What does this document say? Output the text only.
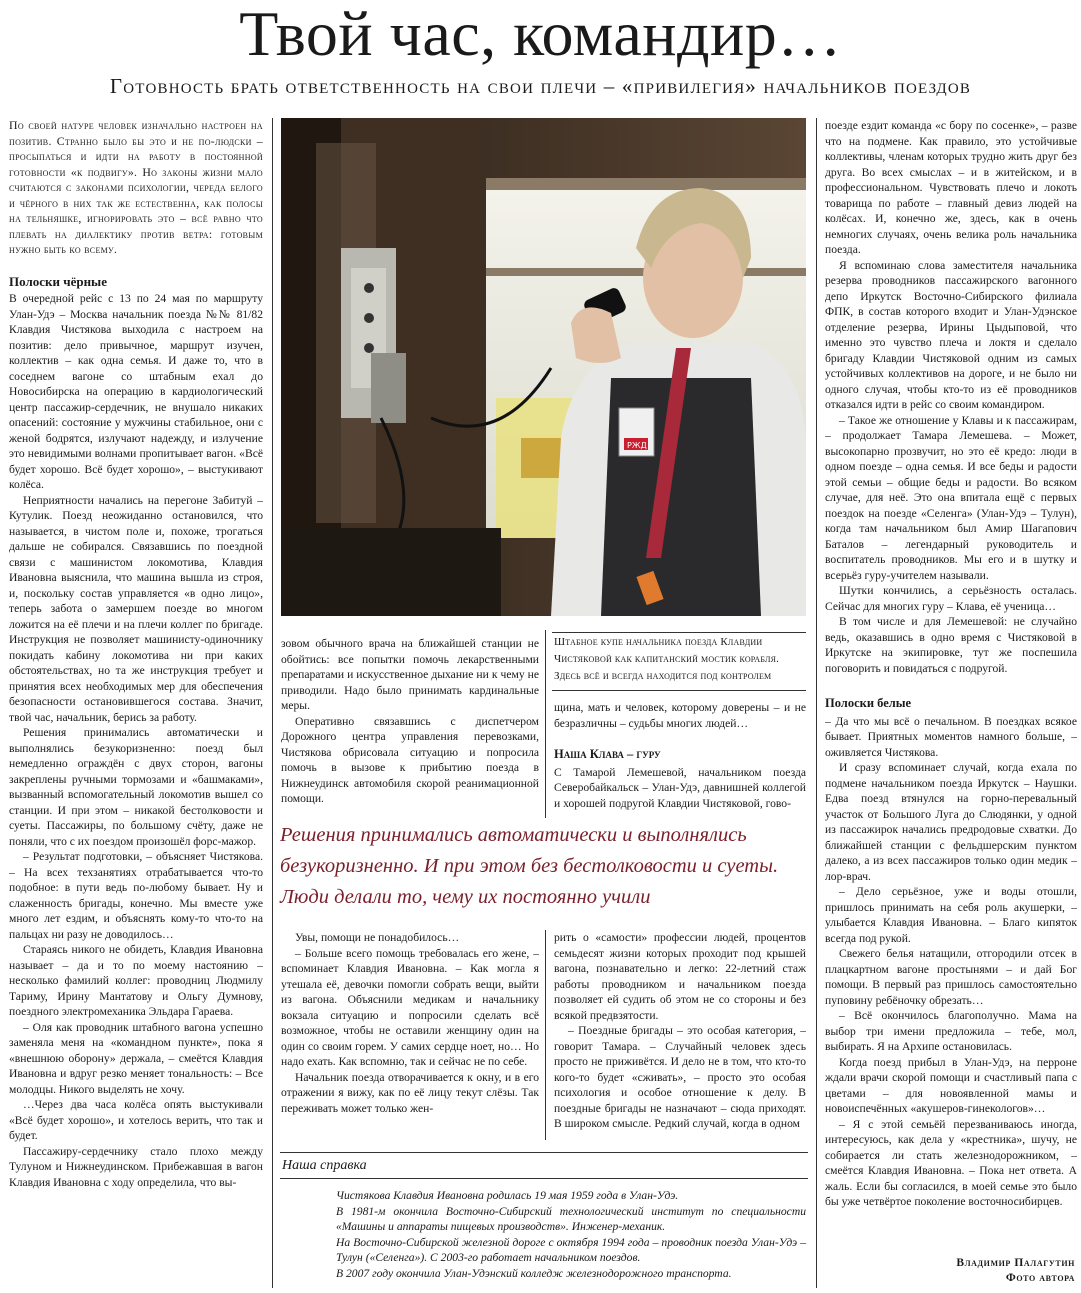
Твой час, командир…
Готовность брать ответственность на свои плечи – «привилегия» начальников поездов

По своей натуре человек изначально настроен на позитив. Странно было бы это и не по-людски – просыпаться и идти на работу в постоянной готовности «к подвигу». Но законы жизни мало считаются с законами психологии, череда белого и чёрного в них так же естественна, как полосы на тельняшке, игнорировать это – всё равно что плевать на диалектику против ветра: готовым нужно быть ко всему.

Полоски чёрные

В очередной рейс с 13 по 24 мая по маршруту Улан-Удэ – Москва начальник поезда №№ 81/82 Клавдия Чистякова выходила с настроем на позитив: дело привычное, маршрут изучен, коллектив – как одна семья. И даже то, что в соседнем вагоне со штабным ехал до Новосибирска на операцию в кардиологический центр пассажир-сердечник, не внушало никаких опасений: состояние у мужчины стабильное, они с женой бодрятся, излучают надежду, и излучение это невидимыми волнами пропитывает вагон. «Всё будет хорошо. Всё будет хорошо», – выстукивают колёса.

Неприятности начались на перегоне Забитуй – Кутулик. Поезд неожиданно остановился, что называется, в чистом поле и, похоже, трогаться дальше не собирался. Связавшись по поездной связи с машинистом локомотива, Клавдия Ивановна выяснила, что машина вышла из строя, и, поскольку состав управляется «в одно лицо», теперь забота о замершем поезде во многом ложится на её плечи и на плечи коллег по бригаде. Инструкция не позволяет машинисту-одиночнику покидать кабину локомотива ни при каких обстоятельствах, но та же инструкция требует и принятия всех необходимых мер для обеспечения безопасности остановившегося состава. Значит, твой час, начальник, берись за работу.

Решения принимались автоматически и выполнялись безукоризненно: поезд был немедленно ограждён с двух сторон, вагоны закреплены ручными тормозами и «башмаками», вызванный вспомогательный локомотив вышел со станции. И при этом – никакой бестолковости и суеты. Пассажиры, по большому счёту, даже не поняли, что с их поездом произошёл форс-мажор.

– Результат подготовки, – объясняет Чистякова. – На всех техзанятиях отрабатывается что-то подобное: в пути ведь по-любому бывает. Ну и слаженность бригады, конечно. Мы вместе уже много лет ездим, и объяснять кому-то что-то на пальцах ни разу не доводилось…

Стараясь никого не обидеть, Клавдия Ивановна называет – да и то по моему настоянию – несколько фамилий коллег: проводниц Людмилу Тариму, Ирину Мантатову и Ольгу Думнову, поездного электромеханика Эльдара Гараева.

– Оля как проводник штабного вагона успешно заменяла меня на «командном пункте», пока я «внешнюю оборону» держала, – смеётся Клавдия Ивановна и вдруг резко меняет тональность: – Все молодцы. Никого выделять не хочу.

…Через два часа колёса опять выстукивали «Всё будет хорошо», и хотелось верить, что так и будет.

Пассажиру-сердечнику стало плохо между Тулуном и Нижнеудинском. Прибежавшая в вагон Клавдия Ивановна с ходу определила, что вы-

РЖД

зовом обычного врача на ближайшей станции не обойтись: все попытки помочь лекарственными препаратами и искусственное дыхание ни к чему не приводили. Надо было принимать кардинальные меры.

Оперативно связавшись с диспетчером Дорожного центра управления перевозками, Чистякова обрисовала ситуацию и попросила помочь в вызове к прибытию поезда в Нижнеудинск автомобиля скорой реанимационной помощи.

Штабное купе начальника поезда Клавдии Чистяковой как капитанский мостик корабля. Здесь всё и всегда находится под контролем

щина, мать и человек, которому доверены – и не безразличны – судьбы многих людей…

Наша Клава – гуру

С Тамарой Лемешевой, начальником поезда Северобайкальск – Улан-Удэ, давнишней коллегой и хорошей подругой Клавдии Чистяковой, гово-

Решения принимались автоматически и выполнялись безукоризненно. И при этом без бестолковости и суеты. Люди делали то, чему их постоянно учили

Увы, помощи не понадобилось…

– Больше всего помощь требовалась его жене, – вспоминает Клавдия Ивановна. – Как могла я утешала её, девочки помогли собрать вещи, выйти из вагона. Объяснили медикам и начальнику вокзала ситуацию и попросили сделать всё возможное, чтобы не оставили женщину один на один со своим горем. У самих сердце ноет, но… Но надо ехать. Как вспомню, так и сейчас не по себе.

Начальник поезда отворачивается к окну, и в его отражении я вижу, как по её лицу текут слёзы. Так переживать может только жен-

рить о «самости» профессии людей, процентов семьдесят жизни которых проходит под крышей вагона, познавательно и легко: 22-летний стаж работы проводником и начальником поезда позволяет ей судить об этом не со стороны и без всякой предвзятости.

– Поездные бригады – это особая категория, – говорит Тамара. – Случайный человек здесь просто не приживётся. И дело не в том, что кто-то кого-то будет «сживать», – просто это особая психология и особое отношение к делу. В поездные бригады не назначают – сюда приходят. В широком смысле. Редкий случай, когда в одном

Наша справка

Чистякова Клавдия Ивановна родилась 19 мая 1959 года в Улан-Удэ.

В 1981-м окончила Восточно-Сибирский технологический институт по специальности «Машины и аппараты пищевых производств». Инженер-механик.

На Восточно-Сибирской железной дороге с октября 1994 года – проводник поезда Улан-Удэ – Тулун («Селенга»). С 2003-го работает начальником поездов.

В 2007 году окончила Улан-Удэнский колледж железнодорожного транспорта.

поезде ездит команда «с бору по сосенке», – разве что на подмене. Как правило, это устойчивые коллективы, членам которых трудно жить друг без друга. Во всех смыслах – и в житейском, и в профессиональном. Чувствовать плечо и локоть товарища по работе – главный девиз людей на колёсах. И, конечно же, здесь, как в очень немногих случаях, очень велика роль начальника поезда.

Я вспоминаю слова заместителя начальника резерва проводников пассажирского вагонного депо Иркутск Восточно-Сибирского филиала ФПК, в состав которого входит и Улан-Удэнское отделение резерва, Ирины Цыдыповой, что именно это чувство плеча и локтя и сделало бригаду Клавдии Чистяковой одним из самых устойчивых коллективов на дороге, и не было ни одного случая, чтобы кто-то из её проводников отказался идти в рейс со своим командиром.

– Такое же отношение у Клавы и к пассажирам, – продолжает Тамара Лемешева. – Может, высокопарно прозвучит, но это её кредо: люди в одном поезде – одна семья. И все беды и радости этой семьи – общие беды и радости. Во всяком случае, для неё. Это она впитала ещё с первых поездок на поезде «Селенга» (Улан-Удэ – Тулун), когда там начальником был Амир Шагапович Баталов – легендарный руководитель и воспитатель проводников. Мы его и в шутку и всерьёз гуру-учителем называли.

Шутки кончились, а серьёзность осталась. Сейчас для многих гуру – Клава, её ученица…

В том числе и для Лемешевой: не случайно ведь, оказавшись в одно время с Чистяковой в Иркутске на экипировке, тут же поспешила поговорить и повидаться с подругой.

Полоски белые

– Да что мы всё о печальном. В поездках всякое бывает. Приятных моментов намного больше, – оживляется Чистякова.

И сразу вспоминает случай, когда ехала по подмене начальником поезда Иркутск – Наушки. Едва поезд втянулся на горно-перевальный участок от Большого Луга до Слюдянки, у одной из пассажирок начались предродовые схватки. До ближайшей станции с фельдшерским пунктом далеко, а из всех пассажиров только один медик – лор-врач.

– Дело серьёзное, уже и воды отошли, пришлось принимать на себя роль акушерки, – улыбается Клавдия Ивановна. – Благо кипяток всегда под рукой.

Свежего белья натащили, отгородили отсек в плацкартном вагоне простынями – и дай Бог помощи. В первый раз пришлось самостоятельно пуповину ребёночку обрезать…

– Всё окончилось благополучно. Мама на выбор три имени предложила – тебе, мол, выбирать. Я на Архипе остановилась.

Когда поезд прибыл в Улан-Удэ, на перроне ждали врачи скорой помощи и счастливый папа с цветами – для новоявленной мамы и новоиспечённых «акушеров-гинекологов»…

– Я с этой семьёй перезваниваюсь иногда, интересуюсь, как дела у «крестника», шучу, не собирается ли стать железнодорожником, – смеётся Клавдия Ивановна. – Пока нет ответа. А жаль. Если бы согласился, в моей семье это было бы уже четвёртое поколение восточносибирцев.

Владимир Палагутин
Фото автора
